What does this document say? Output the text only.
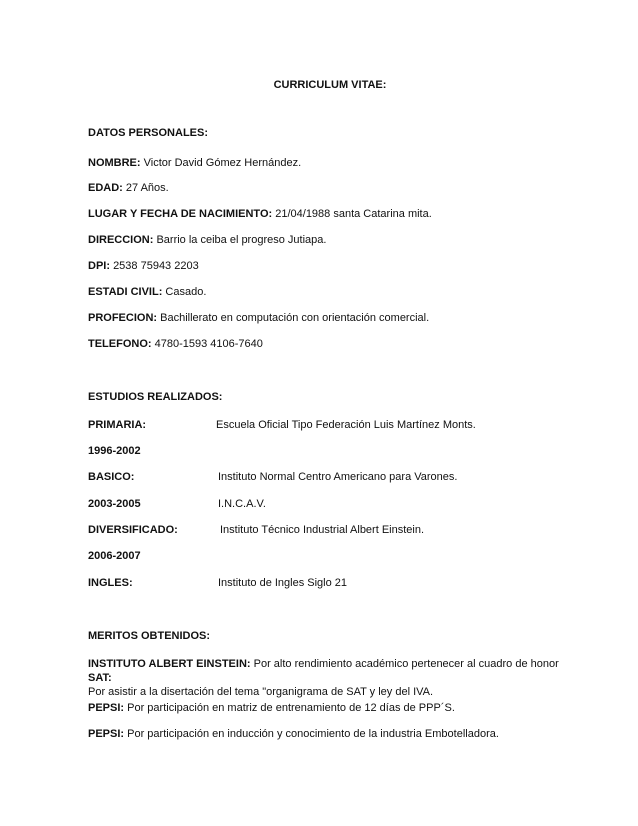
CURRICULUM VITAE:
DATOS PERSONALES:
NOMBRE: Victor David Gómez Hernández.
EDAD: 27 Años.
LUGAR Y FECHA DE NACIMIENTO: 21/04/1988 santa Catarina mita.
DIRECCION: Barrio la ceiba el progreso Jutiapa.
DPI: 2538 75943 2203
ESTADI CIVIL: Casado.
PROFECION: Bachillerato en computación con orientación comercial.
TELEFONO: 4780-1593 4106-7640
ESTUDIOS REALIZADOS:
PRIMARIA:	Escuela Oficial Tipo Federación Luis Martínez Monts.
1996-2002
BASICO:	Instituto Normal Centro Americano para Varones.
2003-2005	I.N.C.A.V.
DIVERSIFICADO:	Instituto Técnico Industrial Albert Einstein.
2006-2007
INGLES:	Instituto de Ingles Siglo 21
MERITOS OBTENIDOS:
INSTITUTO ALBERT EINSTEIN: Por alto rendimiento académico pertenecer al cuadro de honor SAT:
Por asistir a la disertación del tema "organigrama de SAT y ley del IVA.
PEPSI: Por participación en matriz de entrenamiento de 12 días de PPP´S.
PEPSI: Por participación en inducción y conocimiento de la industria Embotelladora.
